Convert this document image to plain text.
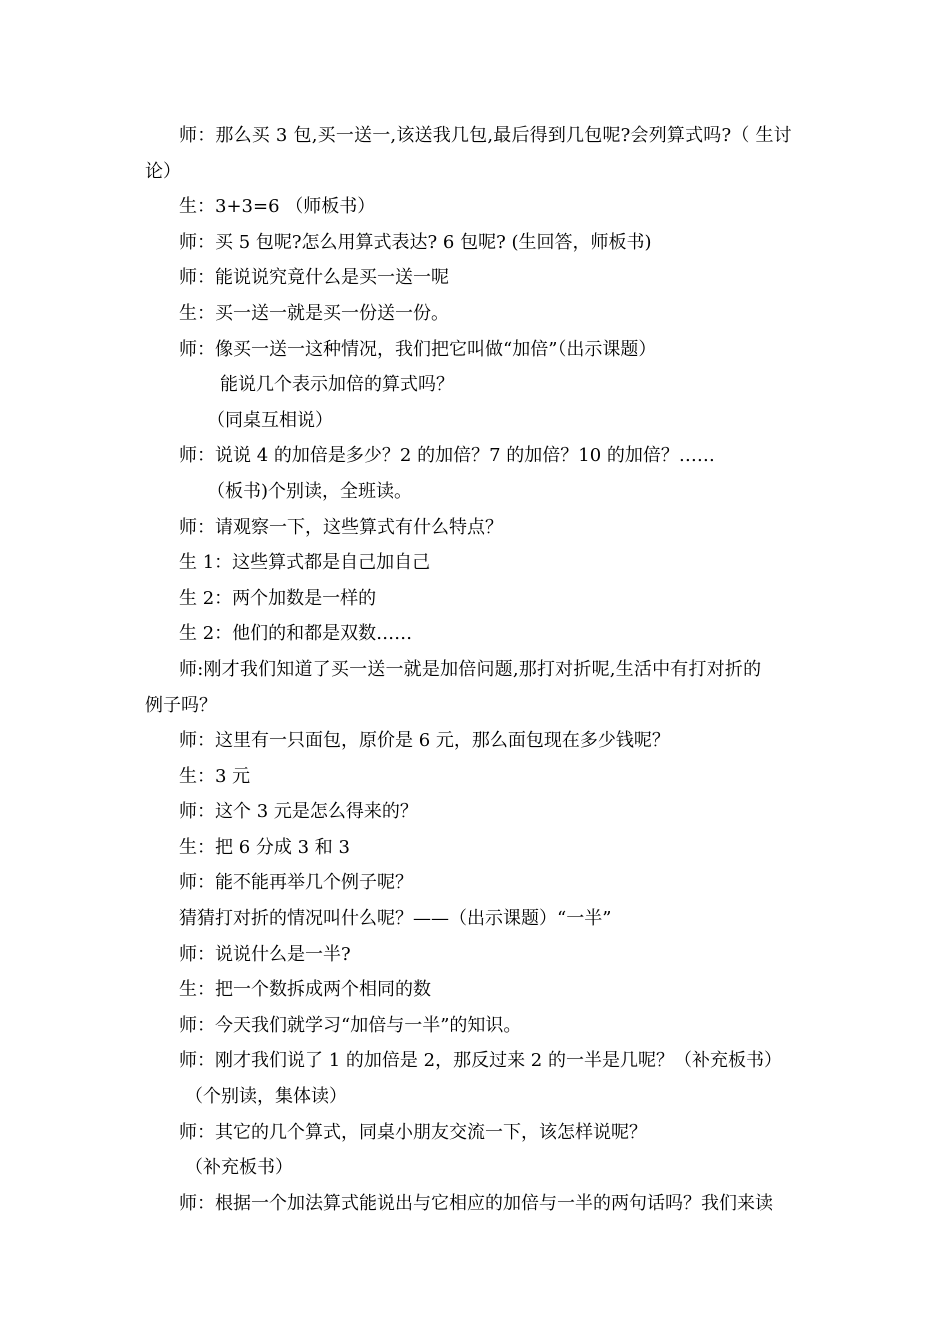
师：那么买 3 包,买一送一,该送我几包,最后得到几包呢?会列算式吗?（ 生讨
论）
生：3+3=6 （师板书）
师：买 5 包呢?怎么用算式表达? 6 包呢? (生回答，师板书)
师：能说说究竟什么是买一送一呢
生：买一送一就是买一份送一份。
师：像买一送一这种情况，我们把它叫做“加倍”（出示课题）
能说几个表示加倍的算式吗？
（同桌互相说）
师：说说 4 的加倍是多少？2 的加倍？7 的加倍？10 的加倍？……
（板书)个别读，全班读。
师：请观察一下，这些算式有什么特点？
生 1：这些算式都是自己加自己
生 2：两个加数是一样的
生 2：他们的和都是双数……
师:刚才我们知道了买一送一就是加倍问题,那打对折呢,生活中有打对折的
例子吗？
师：这里有一只面包，原价是 6 元，那么面包现在多少钱呢？
生：3 元
师：这个 3 元是怎么得来的？
生：把 6 分成 3 和 3
师：能不能再举几个例子呢？
猜猜打对折的情况叫什么呢？——（出示课题）“一半”
师：说说什么是一半?
生：把一个数拆成两个相同的数
师：今天我们就学习“加倍与一半”的知识。
师：刚才我们说了 1 的加倍是 2，那反过来 2 的一半是几呢？（补充板书）
（个别读，集体读）
师：其它的几个算式，同桌小朋友交流一下，该怎样说呢？
（补充板书）
师：根据一个加法算式能说出与它相应的加倍与一半的两句话吗？我们来读
